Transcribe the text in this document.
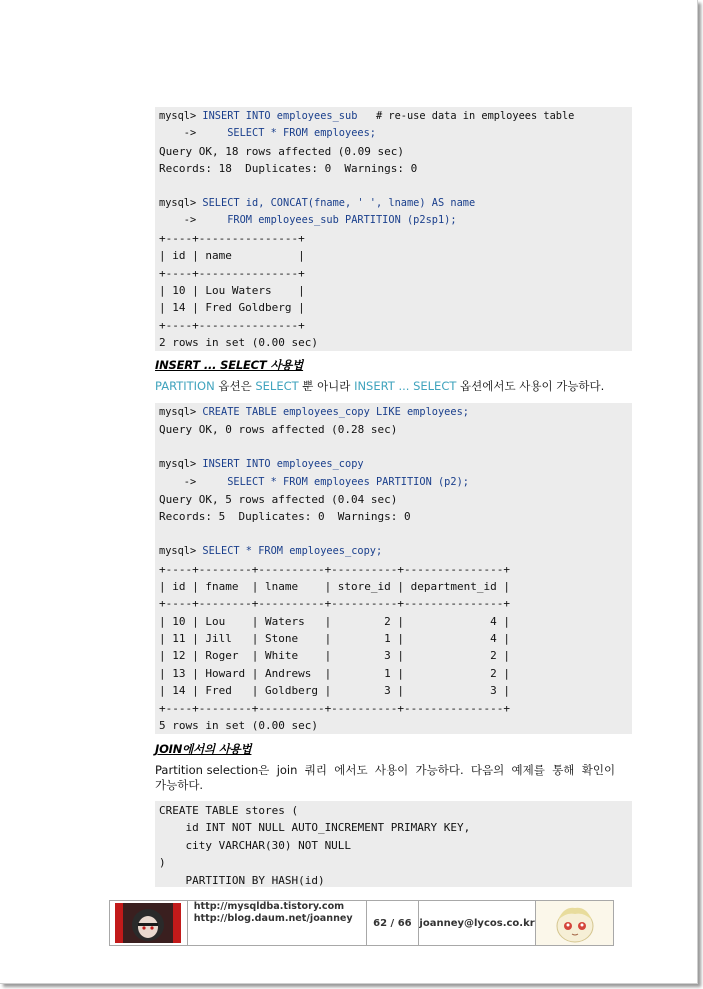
mysql> INSERT INTO employees_sub   # re-use data in employees table
->     SELECT * FROM employees;
Query OK, 18 rows affected (0.09 sec)
Records: 18  Duplicates: 0  Warnings: 0
mysql> SELECT id, CONCAT(fname, ' ', lname) AS name
->     FROM employees_sub PARTITION (p2sp1);
+----+---------------+
| id | name          |
+----+---------------+
| 10 | Lou Waters    |
| 14 | Fred Goldberg |
+----+---------------+
2 rows in set (0.00 sec)
INSERT ... SELECT 사용법
PARTITION 옵션은 SELECT 뿐 아니라 INSERT ... SELECT 옵션에서도 사용이 가능하다.
mysql> CREATE TABLE employees_copy LIKE employees;
Query OK, 0 rows affected (0.28 sec)
mysql> INSERT INTO employees_copy
->     SELECT * FROM employees PARTITION (p2);
Query OK, 5 rows affected (0.04 sec)
Records: 5  Duplicates: 0  Warnings: 0
mysql> SELECT * FROM employees_copy;
+----+--------+----------+----------+---------------+
| id | fname  | lname    | store_id | department_id |
+----+--------+----------+----------+---------------+
| 10 | Lou    | Waters   |        2 |             4 |
| 11 | Jill   | Stone    |        1 |             4 |
| 12 | Roger  | White    |        3 |             2 |
| 13 | Howard | Andrews  |        1 |             2 |
| 14 | Fred   | Goldberg |        3 |             3 |
+----+--------+----------+----------+---------------+
5 rows in set (0.00 sec)
JOIN에서의 사용법
Partition selection은  join  쿼리  에서도  사용이  가능하다.  다음의  예제를  통해  확인이
가능하다.
CREATE TABLE stores (
id INT NOT NULL AUTO_INCREMENT PRIMARY KEY,
city VARCHAR(30) NOT NULL
)
PARTITION BY HASH(id)
http://mysqldba.tistory.com
http://blog.daum.net/joanney	62 / 66 joanney@lycos.co.kr
